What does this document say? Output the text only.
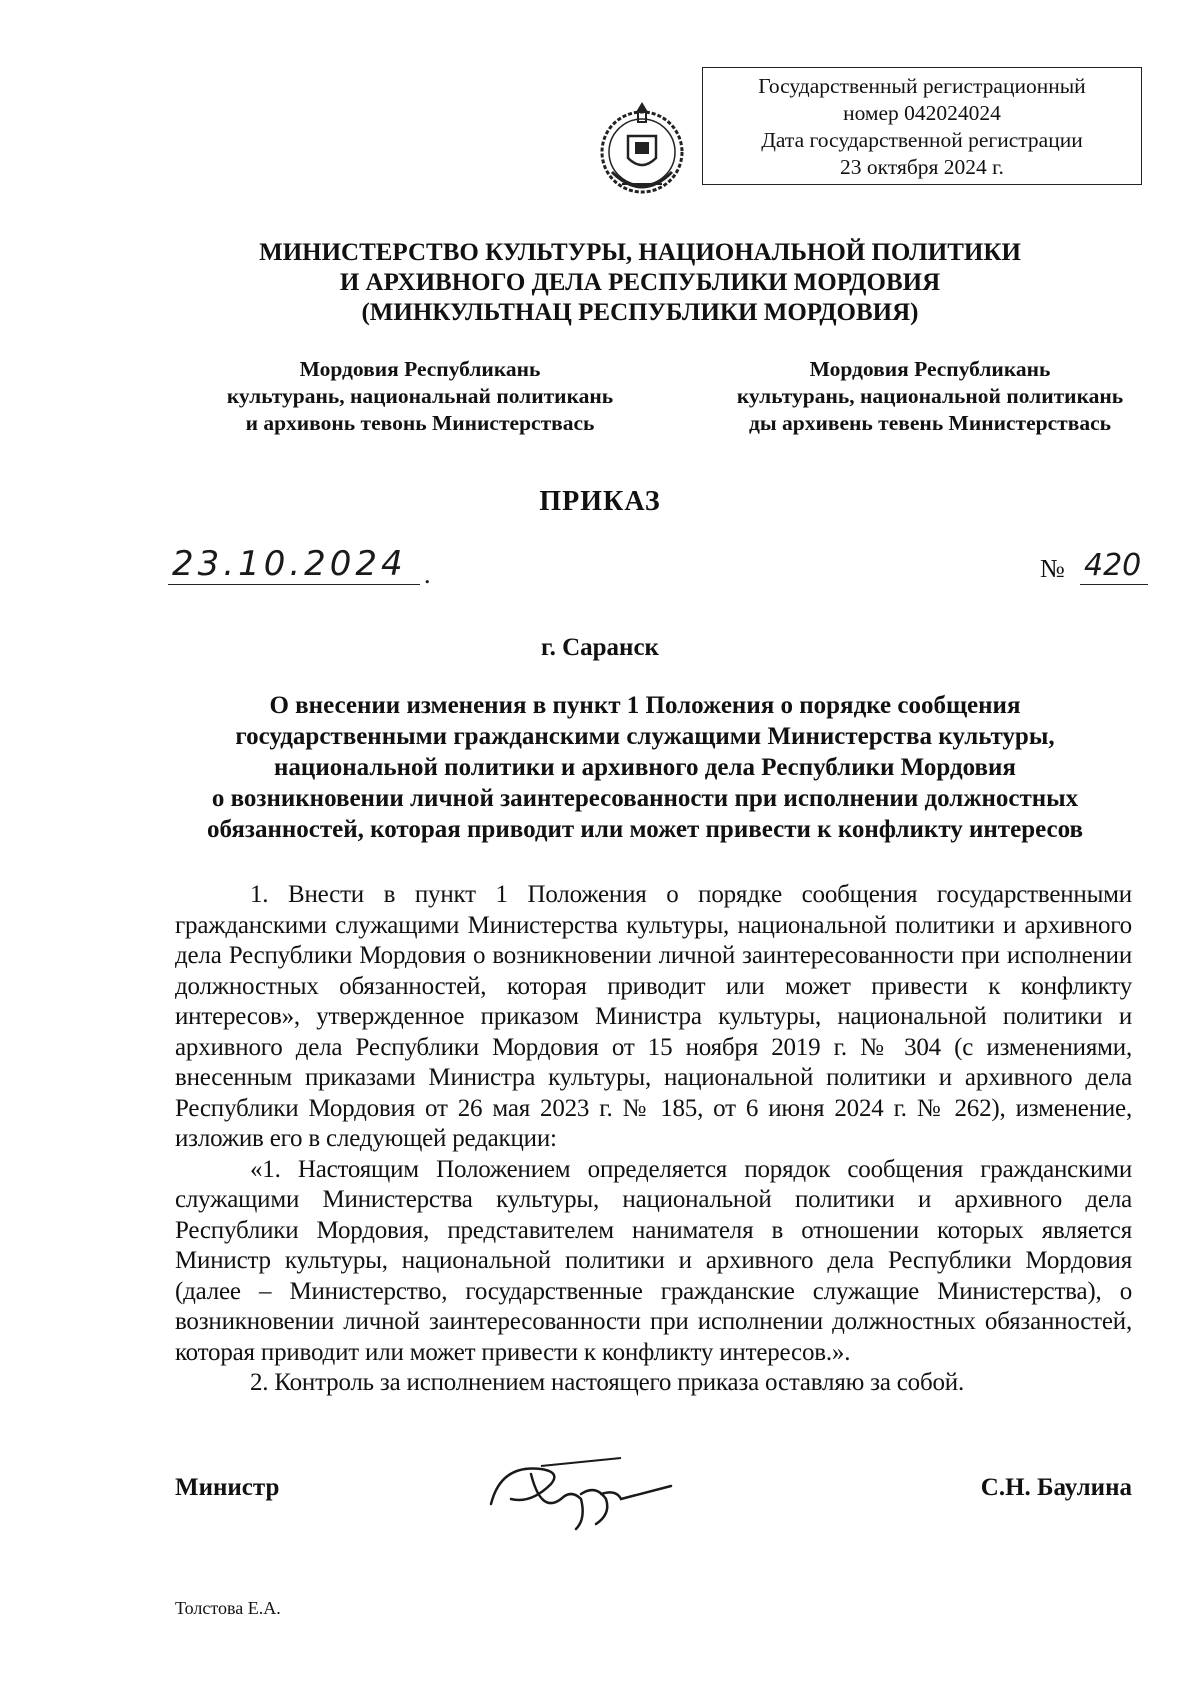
Государственный регистрационный
номер 042024024
Дата государственной регистрации
23 октября 2024 г.
МИНИСТЕРСТВО КУЛЬТУРЫ, НАЦИОНАЛЬНОЙ ПОЛИТИКИ
И АРХИВНОГО ДЕЛА РЕСПУБЛИКИ МОРДОВИЯ
(МИНКУЛЬТНАЦ РЕСПУБЛИКИ МОРДОВИЯ)
Мордовия Республикань
культурань, национальнай политикань
и архивонь тевонь Министерствась
Мордовия Республикань
культурань, национальной политикань
ды архивень тевень Министерствась
ПРИКАЗ
23.10.2024 .	№ 420
г. Саранск
О внесении изменения в пункт 1 Положения о порядке сообщения
государственными гражданскими служащими Министерства культуры,
национальной политики и архивного дела Республики Мордовия
о возникновении личной заинтересованности при исполнении должностных
обязанностей, которая приводит или может привести к конфликту интересов

1. Внести в пункт 1 Положения о порядке сообщения государственными гражданскими служащими Министерства культуры, национальной политики и архивного дела Республики Мордовия о возникновении личной заинтересованности при исполнении должностных обязанностей, которая приводит или может привести к конфликту интересов», утвержденное приказом Министра культуры, национальной политики и архивного дела Республики Мордовия от 15 ноября 2019 г. № 304 (с изменениями, внесенным приказами Министра культуры, национальной политики и архивного дела Республики Мордовия от 26 мая 2023 г. № 185, от 6 июня 2024 г. № 262), изменение, изложив его в следующей редакции:

«1. Настоящим Положением определяется порядок сообщения гражданскими служащими Министерства культуры, национальной политики и архивного дела Республики Мордовия, представителем нанимателя в отношении которых является Министр культуры, национальной политики и архивного дела Республики Мордовия (далее – Министерство, государственные гражданские служащие Министерства), о возникновении личной заинтересованности при исполнении должностных обязанностей, которая приводит или может привести к конфликту интересов.».

2. Контроль за исполнением настоящего приказа оставляю за собой.

Министр	С.Н. Баулина
Толстова Е.А.
